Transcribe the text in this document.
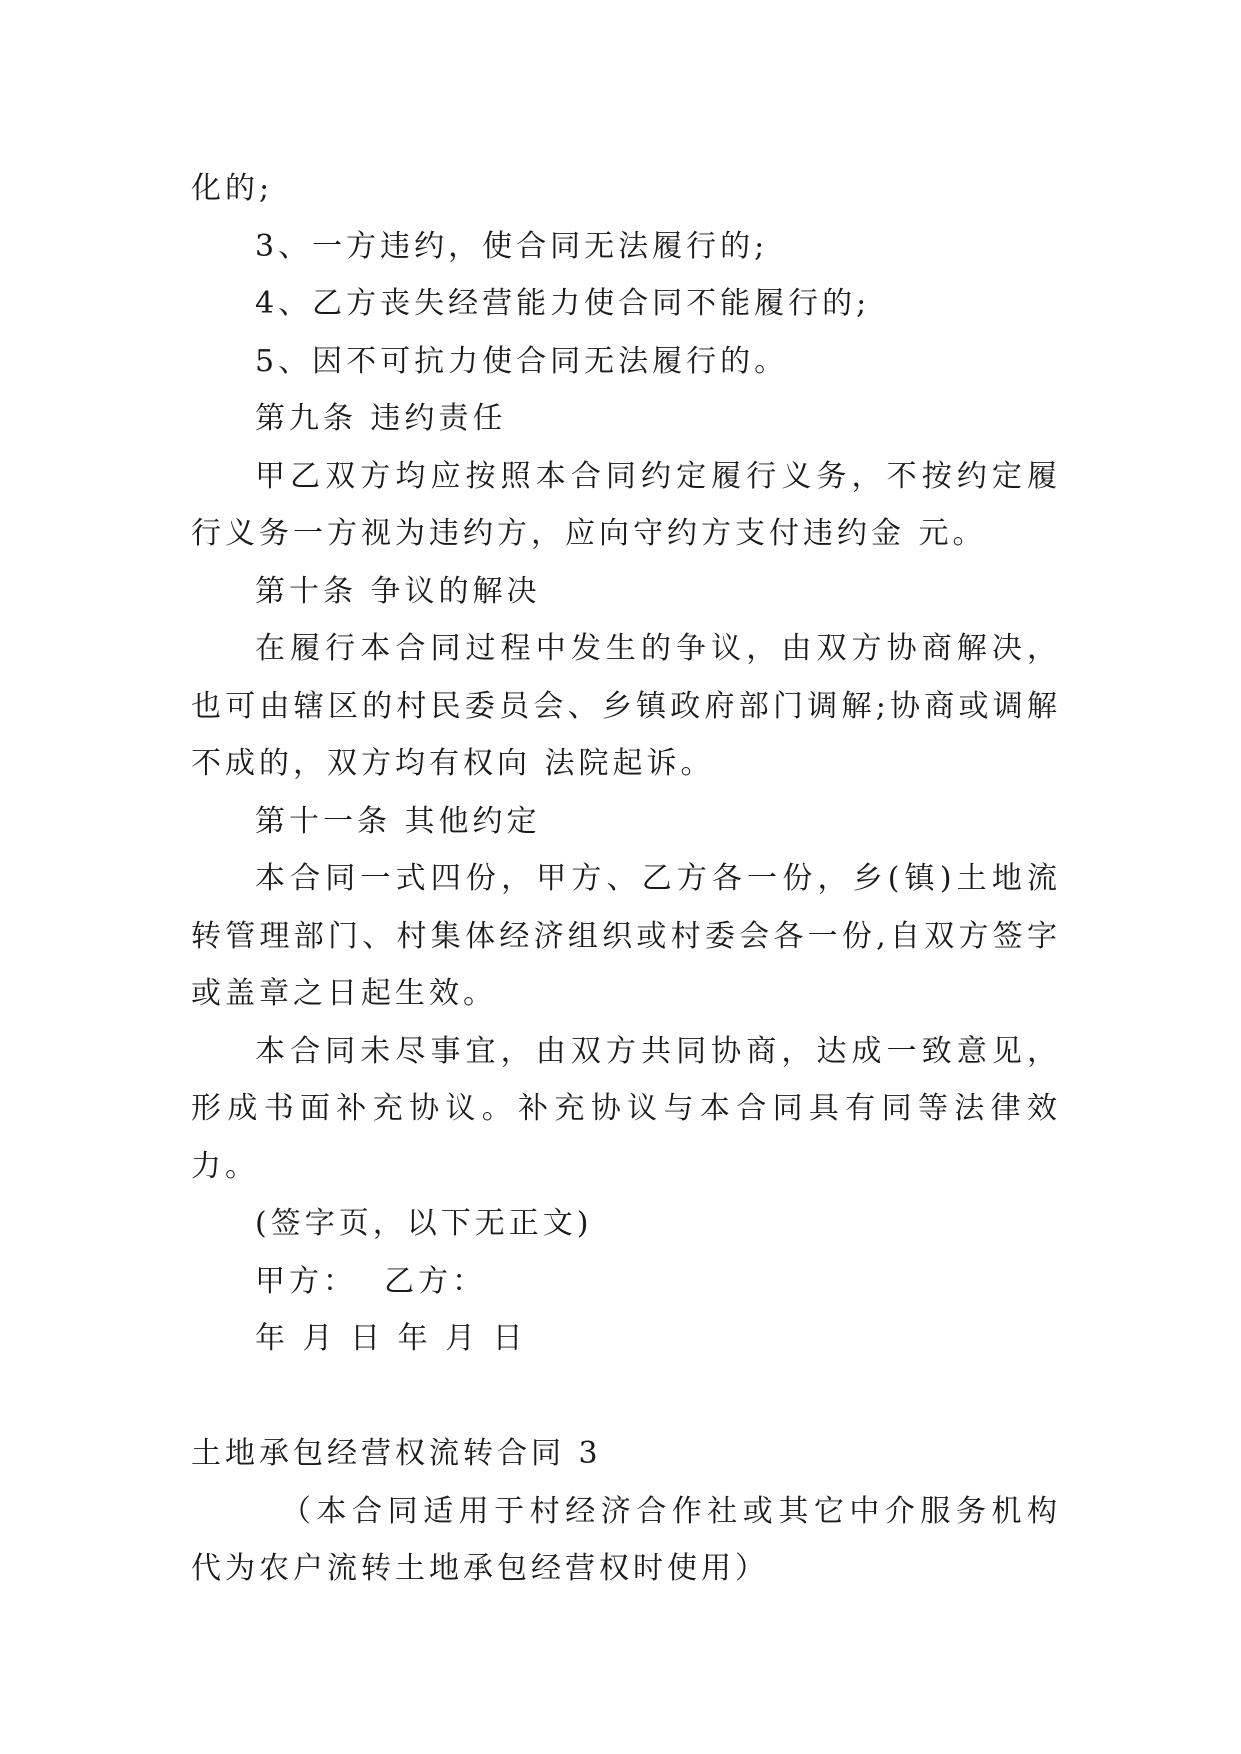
化的;

3、一方违约，使合同无法履行的;

4、乙方丧失经营能力使合同不能履行的;

5、因不可抗力使合同无法履行的。

第九条 违约责任

甲乙双方均应按照本合同约定履行义务，不按约定履行义务一方视为违约方，应向守约方支付违约金 元。

第十条 争议的解决

在履行本合同过程中发生的争议，由双方协商解决，也可由辖区的村民委员会、乡镇政府部门调解;协商或调解不成的，双方均有权向 法院起诉。

第十一条 其他约定

本合同一式四份，甲方、乙方各一份，乡(镇)土地流转管理部门、村集体经济组织或村委会各一份,自双方签字或盖章之日起生效。

本合同未尽事宜，由双方共同协商，达成一致意见，形成书面补充协议。补充协议与本合同具有同等法律效力。

(签字页，以下无正文)

甲方：  乙方：

年 月 日 年 月 日

土地承包经营权流转合同 3

（本合同适用于村经济合作社或其它中介服务机构代为农户流转土地承包经营权时使用）
